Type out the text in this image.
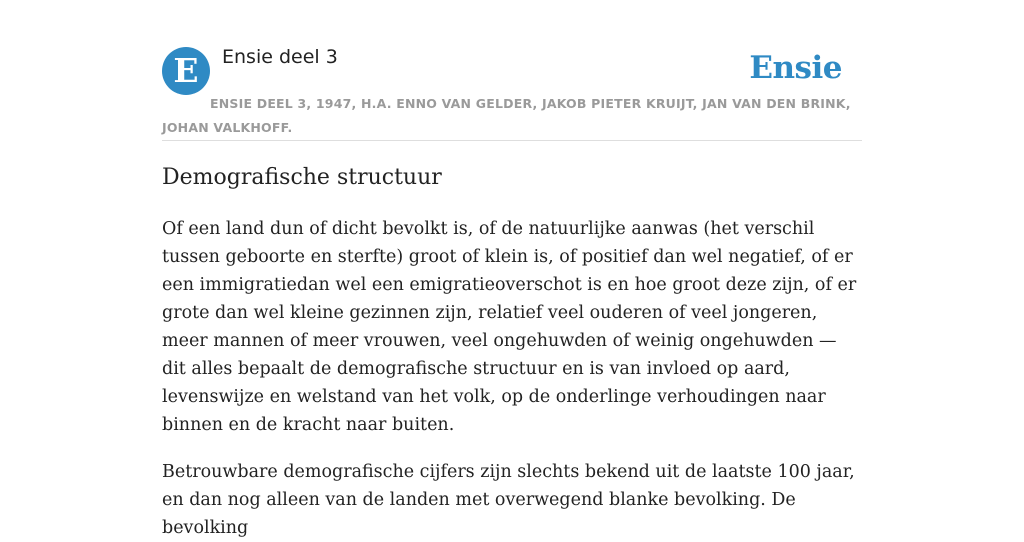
E	Ensie deel 3	Ensie
ENSIE DEEL 3, 1947, H.A. ENNO VAN GELDER, JAKOB PIETER KRUIJT, JAN VAN DEN BRINK, JOHAN VALKHOFF.
Demografische structuur

Of een land dun of dicht bevolkt is, of de natuurlijke aanwas (het verschil tussen geboorte en sterfte) groot of klein is, of positief dan wel negatief, of er een immigratiedan wel een emigratieoverschot is en hoe groot deze zijn, of er grote dan wel kleine gezinnen zijn, relatief veel ouderen of veel jongeren, meer mannen of meer vrouwen, veel ongehuwden of weinig ongehuwden — dit alles bepaalt de demografische structuur en is van invloed op aard, levenswijze en welstand van het volk, op de onderlinge verhoudingen naar binnen en de kracht naar buiten.

Betrouwbare demografische cijfers zijn slechts bekend uit de laatste 100 jaar, en dan nog alleen van de landen met overwegend blanke bevolking. De bevolking
